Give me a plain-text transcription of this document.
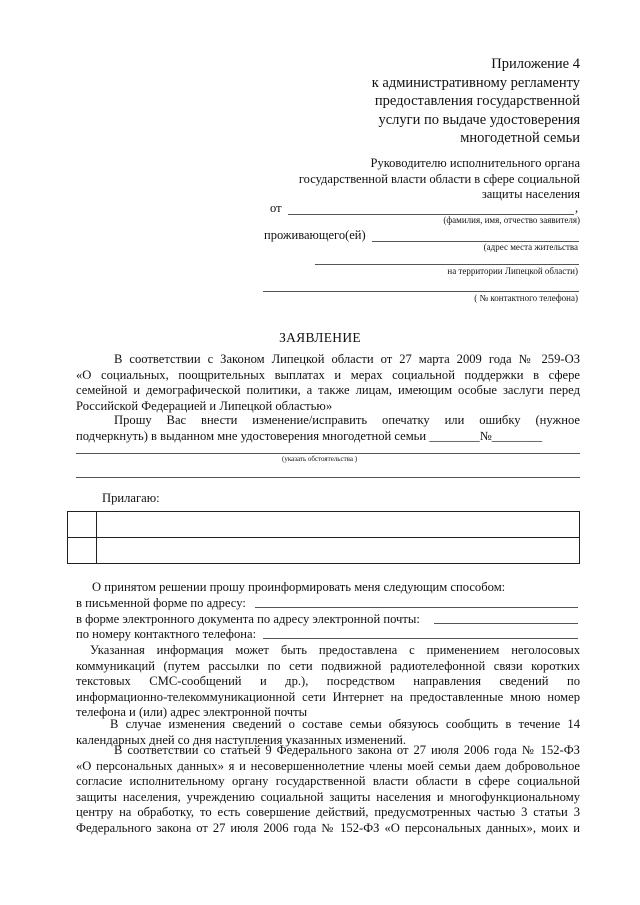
Приложение 4
к административному регламенту
предоставления государственной
услуги по выдаче удостоверения
многодетной семьи
Руководителю исполнительного органа
государственной власти области в сфере социальной
защиты населения
от	,
(фамилия, имя, отчество заявителя)
проживающего(ей)
(адрес места жительства
на территории Липецкой области)
( № контактного телефона)
ЗАЯВЛЕНИЕ
В соответствии с Законом Липецкой области от 27 марта 2009 года № 259-ОЗ
«О социальных, поощрительных выплатах и мерах социальной поддержки в сфере
семейной и демографической политики, а также лицам, имеющим особые заслуги перед
Российской Федерацией и Липецкой областью»
Прошу Вас внести изменение/исправить опечатку или ошибку (нужное
подчеркнуть) в выданном мне удостоверения многодетной семьи ________№________
(указать обстоятельства )
Прилагаю:
О принятом решении прошу проинформировать меня следующим способом:
в письменной форме по адресу:
в форме электронного документа по адресу электронной почты:
по номеру контактного телефона:
Указанная информация может быть предоставлена с применением неголосовых
коммуникаций (путем рассылки по сети подвижной радиотелефонной связи коротких
текстовых СМС-сообщений и др.), посредством направления сведений по
информационно-телекоммуникационной сети Интернет на предоставленные мною номер
телефона и (или) адрес электронной почты
В случае изменения сведений о составе семьи обязуюсь сообщить в течение 14
календарных дней со дня наступления указанных изменений.
В соответствии со статьей 9 Федерального закона от 27 июля 2006 года № 152-ФЗ
«О персональных данных» я и несовершеннолетние члены моей семьи даем добровольное
согласие исполнительному органу государственной власти области в сфере социальной
защиты населения, учреждению социальной защиты населения и многофункциональному
центру на обработку, то есть совершение действий, предусмотренных частью 3 статьи 3
Федерального закона от 27 июля 2006 года № 152-ФЗ «О персональных данных», моих и
